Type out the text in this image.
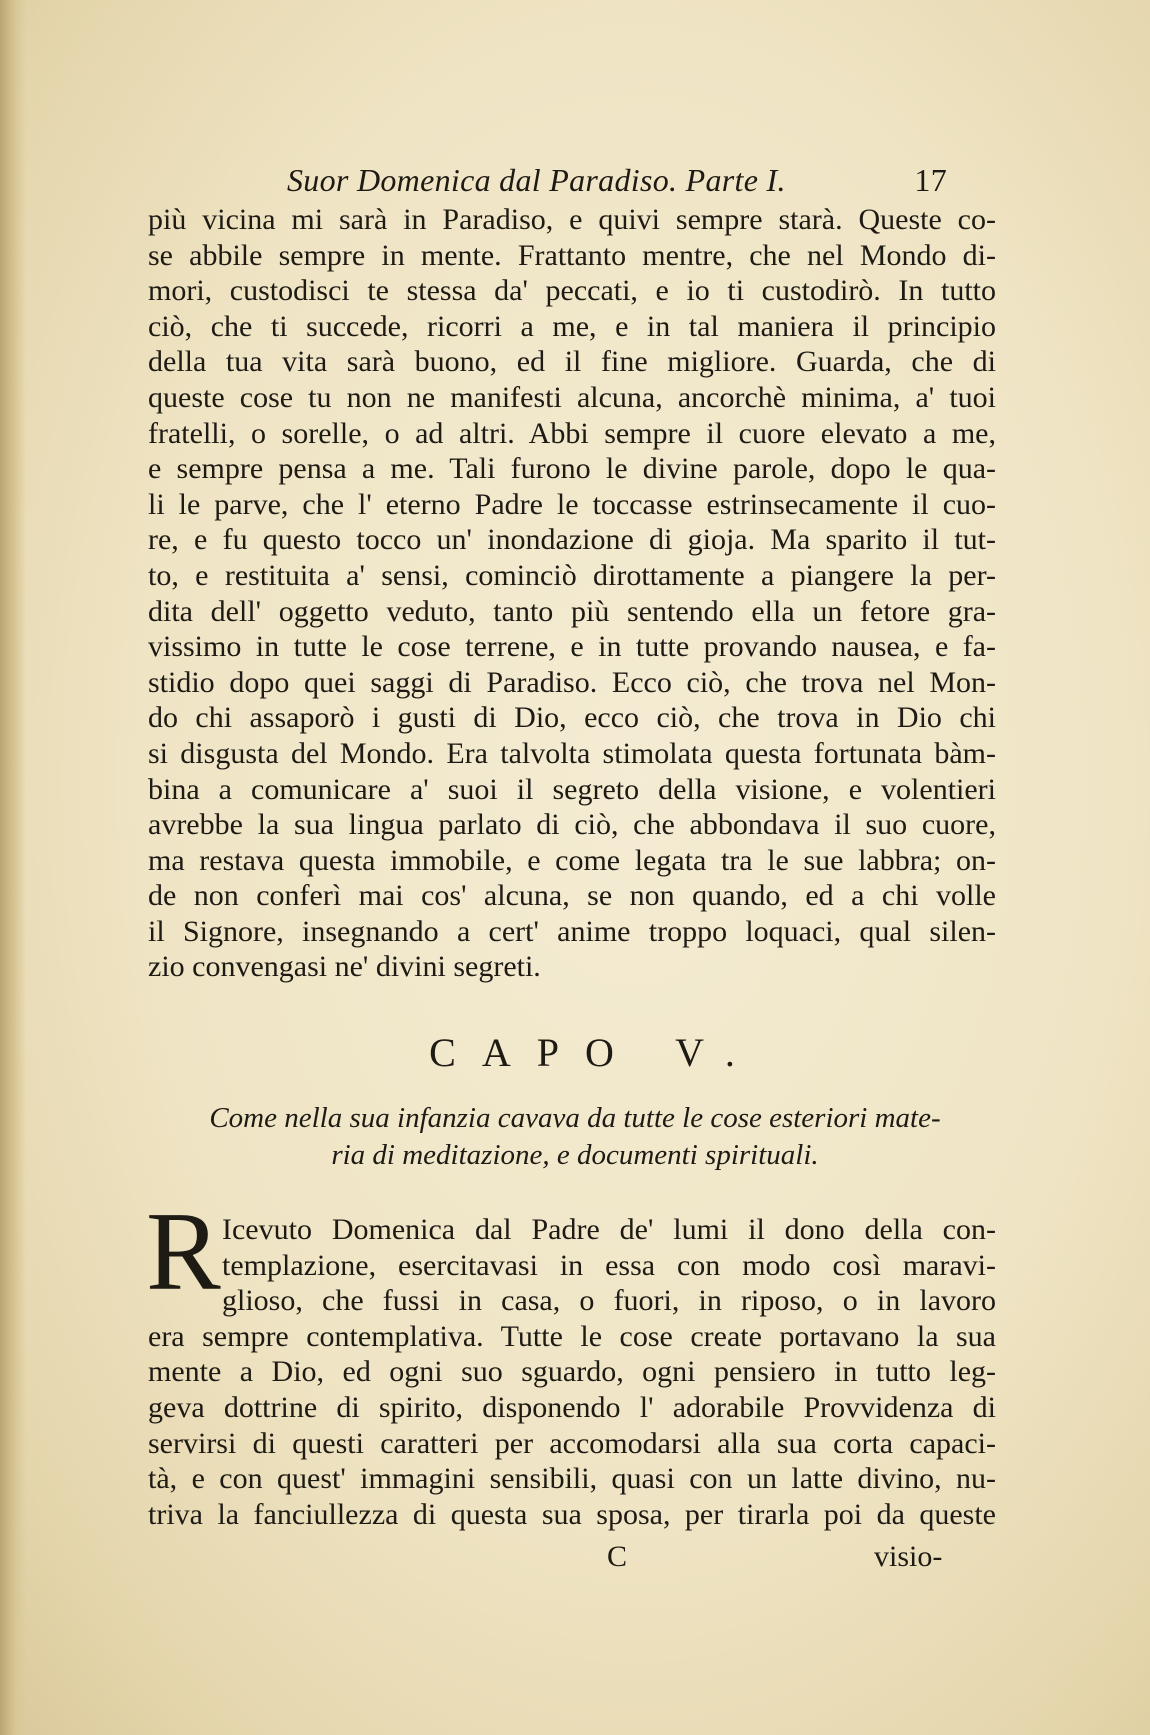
Suor Domenica dal Paradiso. Parte I.	17
più vicina mi sarà in Paradiso, e quivi sempre starà. Queste co-
se abbile sempre in mente. Frattanto mentre, che nel Mondo di-
mori, custodisci te stessa da' peccati, e io ti custodirò. In tutto
ciò, che ti succede, ricorri a me, e in tal maniera il principio
della tua vita sarà buono, ed il fine migliore. Guarda, che di
queste cose tu non ne manifesti alcuna, ancorchè minima, a' tuoi
fratelli, o sorelle, o ad altri. Abbi sempre il cuore elevato a me,
e sempre pensa a me. Tali furono le divine parole, dopo le qua-
li le parve, che l' eterno Padre le toccasse estrinsecamente il cuo-
re, e fu questo tocco un' inondazione di gioja. Ma sparito il tut-
to, e restituita a' sensi, cominciò dirottamente a piangere la per-
dita dell' oggetto veduto, tanto più sentendo ella un fetore gra-
vissimo in tutte le cose terrene, e in tutte provando nausea, e fa-
stidio dopo quei saggi di Paradiso. Ecco ciò, che trova nel Mon-
do chi assaporò i gusti di Dio, ecco ciò, che trova in Dio chi
si disgusta del Mondo. Era talvolta stimolata questa fortunata bàm-
bina a comunicare a' suoi il segreto della visione, e volentieri
avrebbe la sua lingua parlato di ciò, che abbondava il suo cuore,
ma restava questa immobile, e come legata tra le sue labbra; on-
de non conferì mai cos' alcuna, se non quando, ed a chi volle
il Signore, insegnando a cert' anime troppo loquaci, qual silen-
zio convengasi ne' divini segreti.
CAPO V.
Come nella sua infanzia cavava da tutte le cose esteriori mate-
ria di meditazione, e documenti spirituali.
R Icevuto Domenica dal Padre de' lumi il dono della con-
templazione, esercitavasi in essa con modo così maravi-
glioso, che fussi in casa, o fuori, in riposo, o in lavoro
era sempre contemplativa. Tutte le cose create portavano la sua
mente a Dio, ed ogni suo sguardo, ogni pensiero in tutto leg-
geva dottrine di spirito, disponendo l' adorabile Provvidenza di
servirsi di questi caratteri per accomodarsi alla sua corta capaci-
tà, e con quest' immagini sensibili, quasi con un latte divino, nu-
triva la fanciullezza di questa sua sposa, per tirarla poi da queste
C	visio-
